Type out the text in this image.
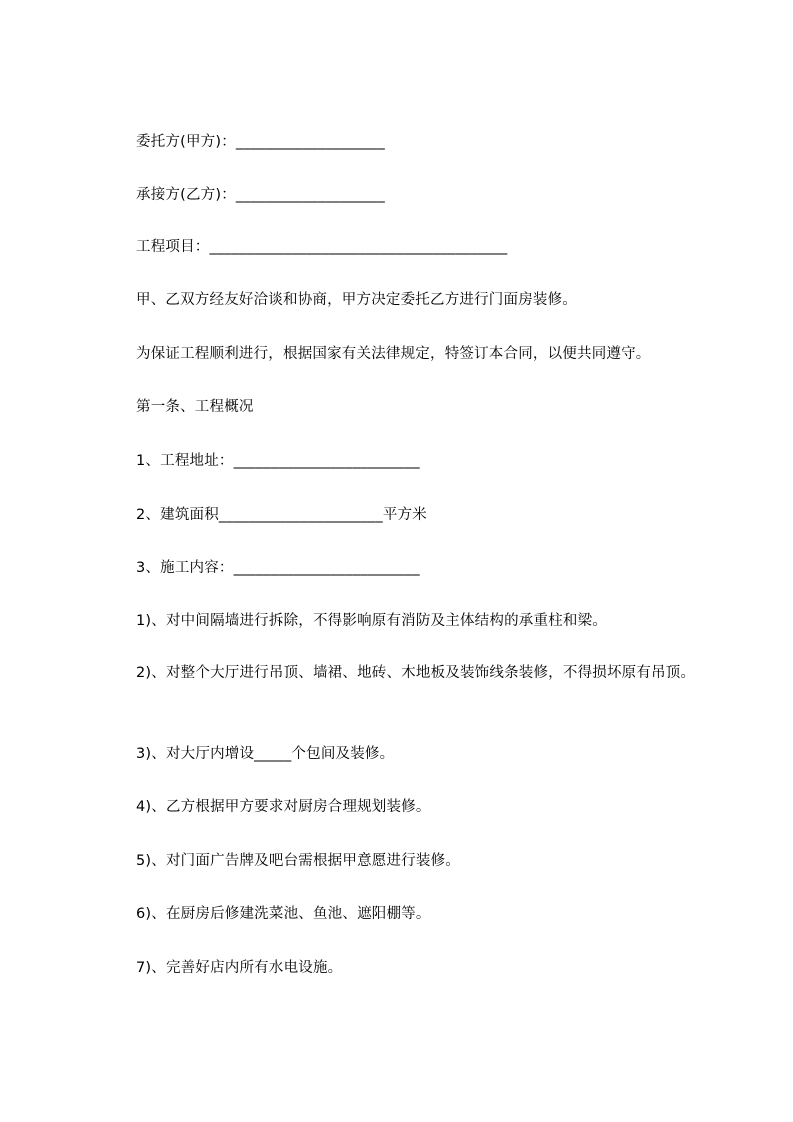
委托方(甲方)：____________________
承接方(乙方)：____________________
工程项目：________________________________________
甲、乙双方经友好洽谈和协商，甲方决定委托乙方进行门面房装修。
为保证工程顺利进行，根据国家有关法律规定，特签订本合同，以便共同遵守。
第一条、工程概况
1、工程地址：_________________________
2、建筑面积______________________平方米
3、施工内容：_________________________
1)、对中间隔墙进行拆除，不得影响原有消防及主体结构的承重柱和梁。
2)、对整个大厅进行吊顶、墙裙、地砖、木地板及装饰线条装修，不得损坏原有吊顶。
3)、对大厅内增设_____个包间及装修。
4)、乙方根据甲方要求对厨房合理规划装修。
5)、对门面广告牌及吧台需根据甲意愿进行装修。
6)、在厨房后修建洗菜池、鱼池、遮阳棚等。
7)、完善好店内所有水电设施。
